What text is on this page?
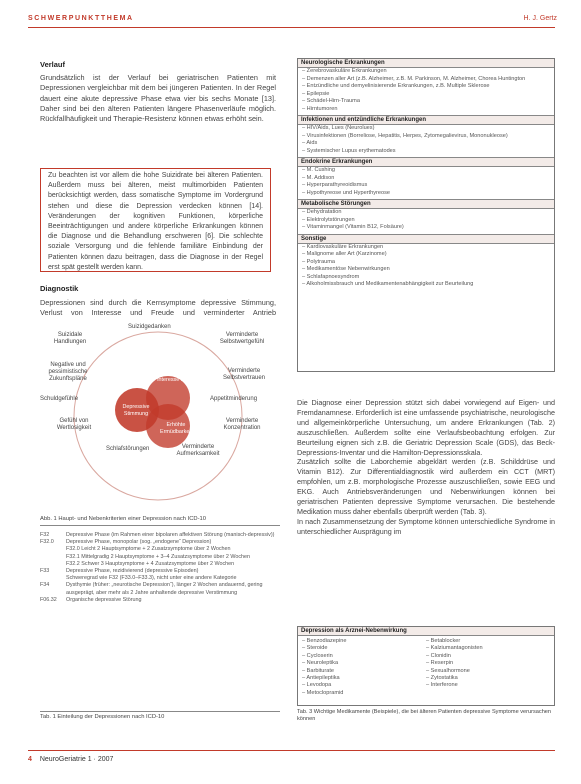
SCHWERPUNKTTHEMA	H. J. Gertz
Verlauf
Grundsätzlich ist der Verlauf bei geriatrischen Patienten mit Depressionen vergleichbar mit dem bei jüngeren Patienten. In der Regel dauert eine akute depressive Phase etwa vier bis sechs Monate [13]. Daher sind bei den älteren Patienten längere Phasenverläufe möglich. Rückfallhäufigkeit und Therapie-Resistenz können etwas erhöht sein.
Zu beachten ist vor allem die hohe Suizidrate bei älteren Patienten. Außerdem muss bei älteren, meist multimorbiden Patienten berücksichtigt werden, dass somatische Symptome im Vordergrund stehen und diese die Depression verdecken können [14]. Veränderungen der kognitiven Funktionen, körperliche Beeinträchtigungen und andere körperliche Erkrankungen können die Diagnose und die Behandlung erschweren [6]. Die schlechte soziale Versorgung und die fehlende familiäre Einbindung der Patienten können dazu beitragen, dass die Diagnose in der Regel erst spät gestellt werden kann.
Diagnostik
Depressionen sind durch die Kernsymptome depressive Stimmung, Verlust von Interesse und Freude und verminderter Antrieb
Verlust von Interesse & Freude
Depressive Stimmung
Erhöhte Ermüdbarkeit
Suizidgedanken
Verminderte Selbstwertgefühl
Verminderte Selbstvertrauen
Appetitminderung
Verminderte Konzentration
Verminderte Aufmerksamkeit
Schlafstörungen
Gefühl von Wertlosigkeit
Schuldgefühle
Negative und pessimistische Zukunftspläne
Suizidale Handlungen
Abb. 1 Haupt- und Nebenkriterien einer Depression nach ICD-10
F32	Depressive Phase (im Rahmen einer bipolaren affektiven Störung (manisch-depressiv))
F32.0	Depressive Phase, monopolar (sog. „endogene“ Depression)
F32.0 Leicht 2 Hauptsymptome + 2 Zusatzsymptome über 2 Wochen
F32.1 Mittelgradig 2 Hauptsymptome + 3–4 Zusatzsymptome über 2 Wochen
F32.2 Schwer 3 Hauptsymptome + 4 Zusatzsymptome über 2 Wochen
F33	Depressive Phase, rezidivierend (depressive Episoden)
Schweregrad wie F32 (F33.0–F33.3), nicht unter eine andere Kategorie
F34	Dysthymie (früher: „neurotische Depression“), länger 2 Wochen andauernd, gering ausgeprägt, aber mehr als 2 Jahre anhaltende depressive Verstimmung
F06.32	Organische depressive Störung
Tab. 1 Einteilung der Depressionen nach ICD-10
Neurologische Erkrankungen
– Zerebrovaskuläre Erkrankungen
– Demenzen aller Art (z.B. Alzheimer, z.B. M. Parkinson, M. Alzheimer, Chorea Huntington
– Entzündliche und demyelinisierende Erkrankungen, z.B. Multiple Sklerose
– Epilepsie
– Schädel-Hirn-Trauma
– Hirntumoren
Infektionen und entzündliche Erkrankungen
– HIV/Aids, Lues (Neurolues)
– Virusinfektionen (Borreliose, Hepatitis, Herpes, Zytomegalievirus, Mononukleose)
– Aids
– Systemischer Lupus erythematodes
Endokrine Erkrankungen
– M. Cushing
– M. Addison
– Hyperparathyreoidismus
– Hypothyreose und Hyperthyreose
Metabolische Störungen
– Dehydratation
– Elektrolytstörungen
– Vitaminmangel (Vitamin B12, Folsäure)
Sonstige
– Kardiovaskuläre Erkrankungen
– Malignome aller Art (Karzinome)
– Polytrauma
– Medikamentöse Nebenwirkungen
– Schlafapnoesyndrom
– Alkoholmissbrauch und Medikamentenabhängigkeit zur Beurteilung
Die Diagnose einer Depression stützt sich dabei vorwiegend auf Eigen- und Fremdanamnese. Erforderlich ist eine umfassende psychiatrische, neurologische und allgemeinkörperliche Untersuchung, um andere Erkrankungen (Tab. 2) auszuschließen. Außerdem sollte eine Verlaufsbeobachtung erfolgen. Zur Beurteilung eignen sich z.B. die Geriatric Depression Scale (GDS), das Beck-Depressions-Inventar und die Hamilton-Depressionsskala.
Zusätzlich sollte die Laborchemie abgeklärt werden (z.B. Schilddrüse und Vitamin B12). Zur Differentialdiagnostik wird außerdem ein CCT (MRT) empfohlen, um z.B. morphologische Prozesse auszuschließen, sowie EEG und EKG. Auch Antriebsveränderungen und Nebenwirkungen können bei geriatrischen Patienten depressive Symptome verursachen. Die bestehende Medikation muss daher ebenfalls überprüft werden (Tab. 3).
In nach Zusammensetzung der Symptome können unterschiedliche Syndrome in unterschiedlicher Ausprägung im
Depression als Arznei-Nebenwirkung
– Benzodiazepine
– Steroide
– Cycloserin
– Neuroleptika
– Barbiturate
– Antiepileptika
– Levodopa
– Metoclopramid
– Betablocker
– Kalziumantagonisten
– Clonidin
– Reserpin
– Sexualhormone
– Zytostatika
– Interferone
Tab. 3 Wichtige Medikamente (Beispiele), die bei älteren Patienten depressive Symptome verursachen können
4 NeuroGeriatrie 1 · 2007
